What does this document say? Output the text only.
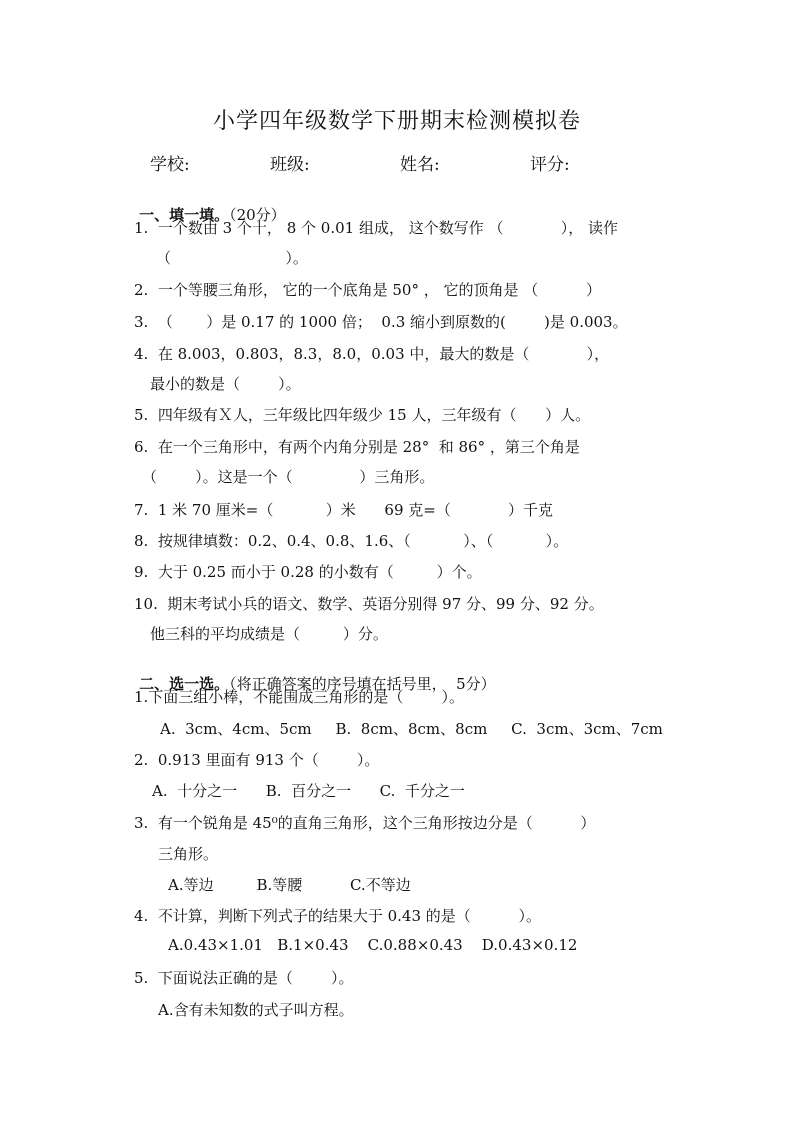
小学四年级数学下册期末检测模拟卷
学校:	班级:	姓名:	评分:

一、填一填。（20分）

1.  一个数由 3 个十， 8 个 0.01 组成， 这个数写作 （            ）， 读作
（                        ）。
2.  一个等腰三角形， 它的一个底角是 50° ， 它的顶角是 （          ）
3.  （       ）是 0.17 的 1000 倍；  0.3 缩小到原数的(        )是 0.003。
4.  在 8.003，0.803，8.3，8.0，0.03 中，最大的数是（            ），
最小的数是（        ）。
5.  四年级有Ｘ人，三年级比四年级少 15 人，三年级有（      ）人。
6.  在一个三角形中，有两个内角分别是 28°  和 86° ，第三个角是
（        ）。这是一个（              ）三角形。
7.  1 米 70 厘米=（           ）米      69 克=（            ）千克
8.  按规律填数：0.2、0.4、0.8、1.6、（           ）、（           ）。
9.  大于 0.25 而小于 0.28 的小数有（         ）个。
10.  期末考试小兵的语文、数学、英语分别得 97 分、99 分、92 分。
他三科的平均成绩是（         ）分。

二、选一选。（将正确答案的序号填在括号里，  5分）

1.下面三组小棒，不能围成三角形的是（        ）。
A.  3cm、4cm、5cm     B.  8cm、8cm、8cm     C.  3cm、3cm、7cm
2.  0.913 里面有 913 个（        ）。
A.  十分之一      B.  百分之一      C.  千分之一
3.  有一个锐角是 45⁰的直角三角形，这个三角形按边分是（          ）
三角形。
A.等边         B.等腰          C.不等边
4.  不计算，判断下列式子的结果大于 0.43 的是（          ）。
A.0.43×1.01   B.1×0.43    C.0.88×0.43    D.0.43×0.12
5.  下面说法正确的是（        ）。
A.含有未知数的式子叫方程。
